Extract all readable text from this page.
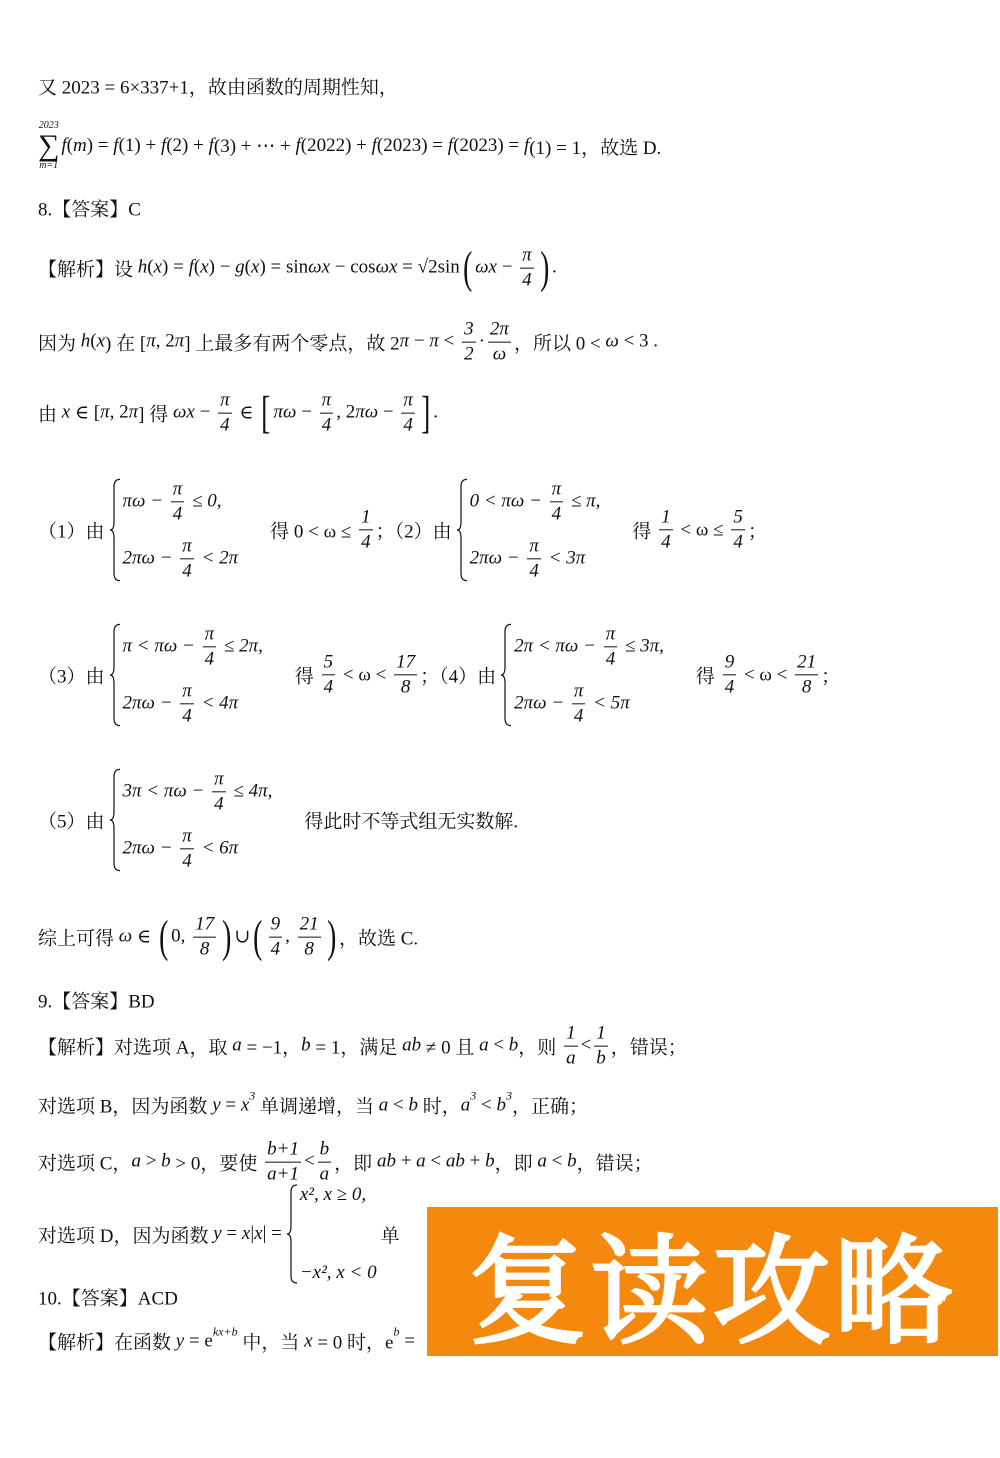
又 2023 = 6×337+1，故由函数的周期性知，
2023
∑
m=1
f ( m ) = f (1) + f (2) + f (3) + ⋯ + f (2022) + f (2023) = f (2023) = f (1) = 1，故选 D.
8.【答案】C
【解析】设 h ( x ) = f ( x ) − g ( x ) = sin ωx − cos ωx = √2sin ( $\omega x - \frac{\pi}{4}$ ) .
因为 h ( x ) 在 [ π , 2 π ] 上最多有两个零点，故 2 $\pi - \pi < \frac{3}{2} \cdot \frac{2\pi}{\omega}$ ，所以 0 < ω < 3 .
由 x ∈ [ π , 2 π ] 得 $\omega x - \frac{\pi}{4}$ ∈ [ $\pi\omega - \frac{\pi}{4}$ , 2 $\pi\omega - \frac{\pi}{4}$ ] .
（1）由
$\pi\omega - \frac{\pi}{4} \le 0$,
$2\pi\omega - \frac{\pi}{4} < 2\pi$
得 $0 < \omega \le \frac{1}{4}$ ；（2）由
$0 < \pi\omega - \frac{\pi}{4} \le \pi$,
$2\pi\omega - \frac{\pi}{4} < 3\pi$
得 $\frac{1}{4} < \omega \le \frac{5}{4}$ ；
（3）由
$\pi < \pi\omega - \frac{\pi}{4} \le 2\pi$,
$2\pi\omega - \frac{\pi}{4} < 4\pi$
得 $\frac{5}{4} < \omega < \frac{17}{8}$ ；（4）由
$2\pi < \pi\omega - \frac{\pi}{4} \le 3\pi$,
$2\pi\omega - \frac{\pi}{4} < 5\pi$
得 $\frac{9}{4} < \omega < \frac{21}{8}$ ；
（5）由
$3\pi < \pi\omega - \frac{\pi}{4} \le 4\pi$,
$2\pi\omega - \frac{\pi}{4} < 6\pi$
得此时不等式组无实数解.
综上可得 ω ∈ ( 0, $\frac{17}{8}$ ) ∪ ( $\frac{9}{4}$ , $\frac{21}{8}$ ) ，故选 C.
9.【答案】BD
【解析】对选项 A，取 a = −1， b = 1，满足 ab ≠ 0 且 a < b ，则 $\frac{1}{a} < \frac{1}{b}$ ，错误；
对选项 B，因为函数 y = x 3
单调递增，当 a < b 时， a 3 < b 3
，正确；
对选项 C， a > b > 0，要使 $\frac{b+1}{a+1} < \frac{b}{a}$ ，即 ab + a < ab + b ，即 a < b ，错误；
对选项 D，因为函数 y = x | x | =
x², x ≥ 0,
−x², x < 0
单
10.【答案】ACD
【解析】在函数 y = e kx+b
中，当 x = 0 时，e
b = 复读攻略
